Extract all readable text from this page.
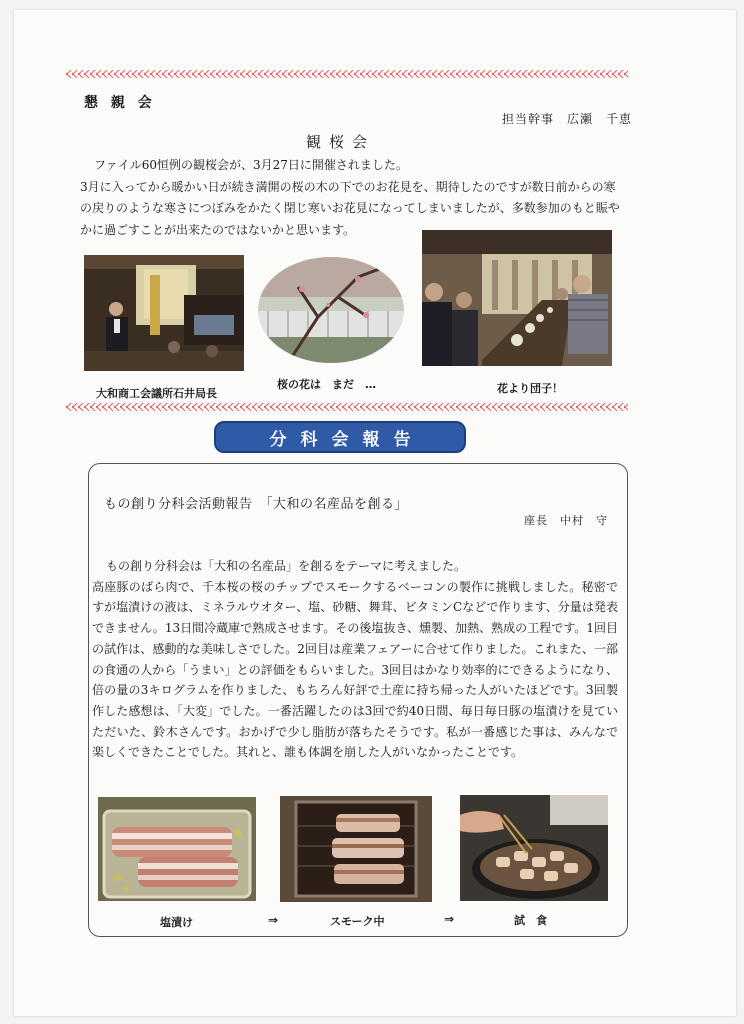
懇 親 会
担当幹事　広瀬　千恵
観桜会

ファイル60恒例の観桜会が、3月27日に開催されました。

3月に入ってから暖かい日が続き満開の桜の木の下でのお花見を、期待したのですが数日前からの寒の戻りのような寒さにつぼみをかたく閉じ寒いお花見になってしまいましたが、多数参加のもと賑やかに過ごすことが出来たのではないかと思います。

大和商工会議所石井局長
桜の花は　まだ　…	花より団子！
分科会報告
もの創り分科会活動報告　「大和の名産品を創る」
座長　中村　守

もの創り分科会は「大和の名産品」を創るをテーマに考えました。

高座豚のばら肉で、千本桜の桜のチップでスモークするベーコンの製作に挑戦しました。秘密ですが塩漬けの液は、ミネラルウオター、塩、砂糖、舞茸、ビタミンCなどで作ります、分量は発表できません。13日間冷蔵庫で熟成させます。その後塩抜き、燻製、加熱、熟成の工程です。1回目の試作は、感動的な美味しさでした。2回目は産業フェアーに合せて作りました。これまた、一部の食通の人から「うまい」との評価をもらいました。3回目はかなり効率的にできるようになり、倍の量の3キログラムを作りました、もちろん好評で土産に持ち帰った人がいたほどです。3回製作した感想は、「大変」でした。一番活躍したのは3回で約40日間、毎日毎日豚の塩漬けを見ていただいた、鈴木さんです。おかげで少し脂肪が落ちたそうです。私が一番感じた事は、みんなで楽しくできたことでした。其れと、誰も体調を崩した人がいなかったことです。

塩漬け	スモーク中	試　食
⇒	⇒
